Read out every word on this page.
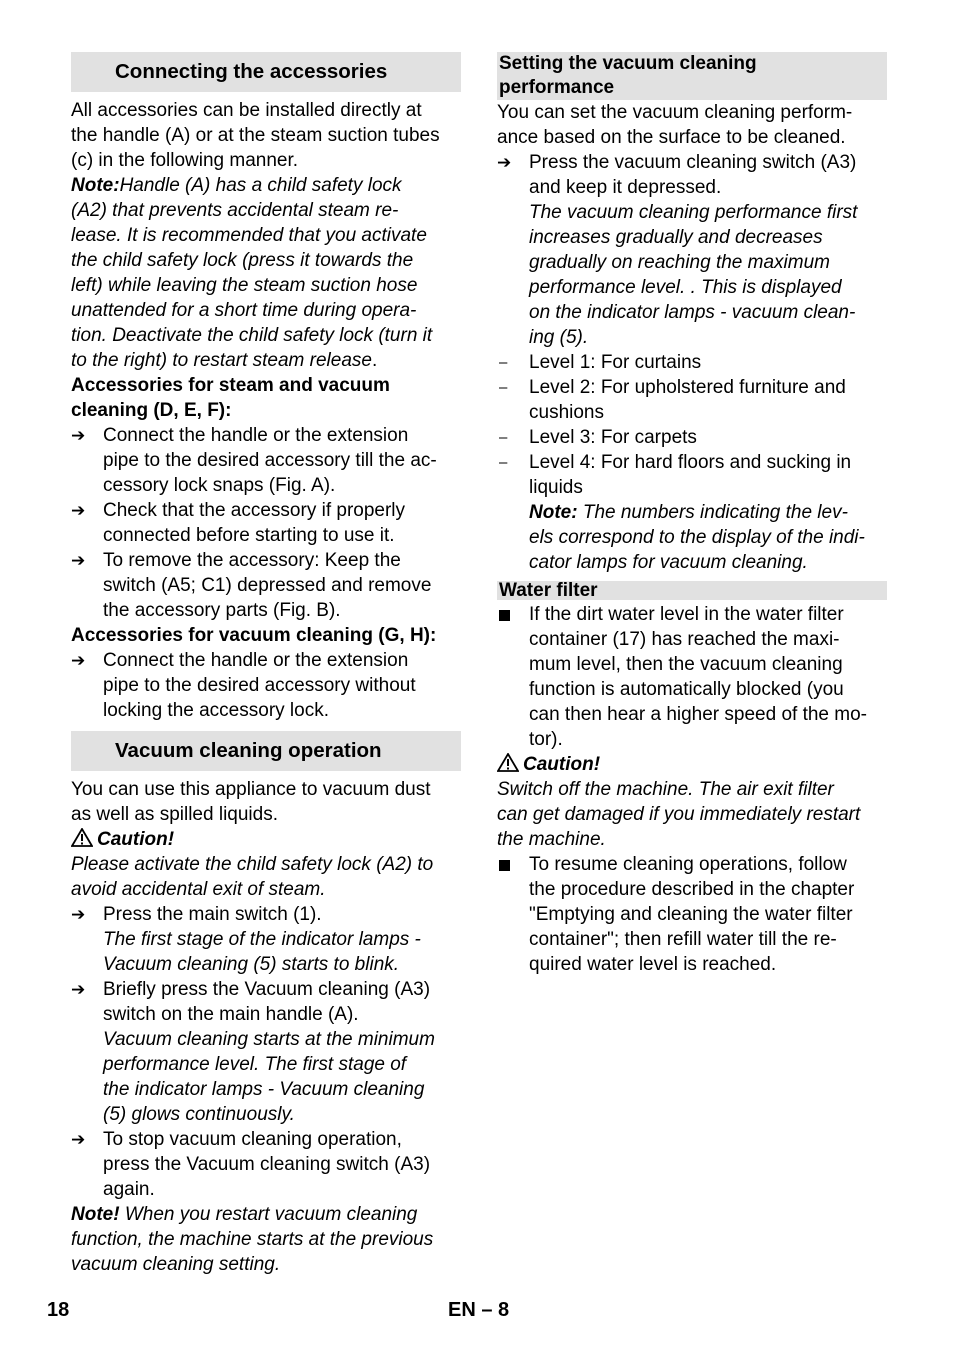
Connecting the accessories
All accessories can be installed directly at
the handle (A) or at the steam suction tubes
(c) in the following manner.
Note:Handle (A) has a child safety lock
(A2) that prevents accidental steam re-
lease. It is recommended that you activate
the child safety lock (press it towards the
left) while leaving the steam suction hose
unattended for a short time during opera-
tion. Deactivate the child safety lock (turn it
to the right) to restart steam release.
Accessories for steam and vacuum
cleaning (D, E, F):
➔ Connect the handle or the extension
pipe to the desired accessory till the ac-
cessory lock snaps (Fig. A).
➔ Check that the accessory if properly
connected before starting to use it.
➔ To remove the accessory: Keep the
switch (A5; C1) depressed and remove
the accessory parts (Fig. B).
Accessories for vacuum cleaning (G, H):
➔ Connect the handle or the extension
pipe to the desired accessory without
locking the accessory lock.
Vacuum cleaning operation
You can use this appliance to vacuum dust
as well as spilled liquids.
Caution!
Please activate the child safety lock (A2) to
avoid accidental exit of steam.
➔ Press the main switch (1).
The first stage of the indicator lamps -
Vacuum cleaning (5) starts to blink.
➔ Briefly press the Vacuum cleaning (A3)
switch on the main handle (A).
Vacuum cleaning starts at the minimum
performance level. The first stage of
the indicator lamps - Vacuum cleaning
(5) glows continuously.
➔ To stop vacuum cleaning operation,
press the Vacuum cleaning switch (A3)
again.
Note! When you restart vacuum cleaning
function, the machine starts at the previous
vacuum cleaning setting.
Setting the vacuum cleaning
performance
You can set the vacuum cleaning perform-
ance based on the surface to be cleaned.
➔ Press the vacuum cleaning switch (A3)
and keep it depressed.
The vacuum cleaning performance first
increases gradually and decreases
gradually on reaching the maximum
performance level. . This is displayed
on the indicator lamps - vacuum clean-
ing (5).
–	Level 1: For curtains
–	Level 2: For upholstered furniture and
cushions
–	Level 3: For carpets
–	Level 4: For hard floors and sucking in
liquids
Note: The numbers indicating the lev-
els correspond to the display of the indi-
cator lamps for vacuum cleaning.
Water filter
If the dirt water level in the water filter
container (17) has reached the maxi-
mum level, then the vacuum cleaning
function is automatically blocked (you
can then hear a higher speed of the mo-
tor).
Caution!
Switch off the machine. The air exit filter
can get damaged if you immediately restart
the machine.
To resume cleaning operations, follow
the procedure described in the chapter
"Emptying and cleaning the water filter
container"; then refill water till the re-
quired water level is reached.
18	EN – 8
